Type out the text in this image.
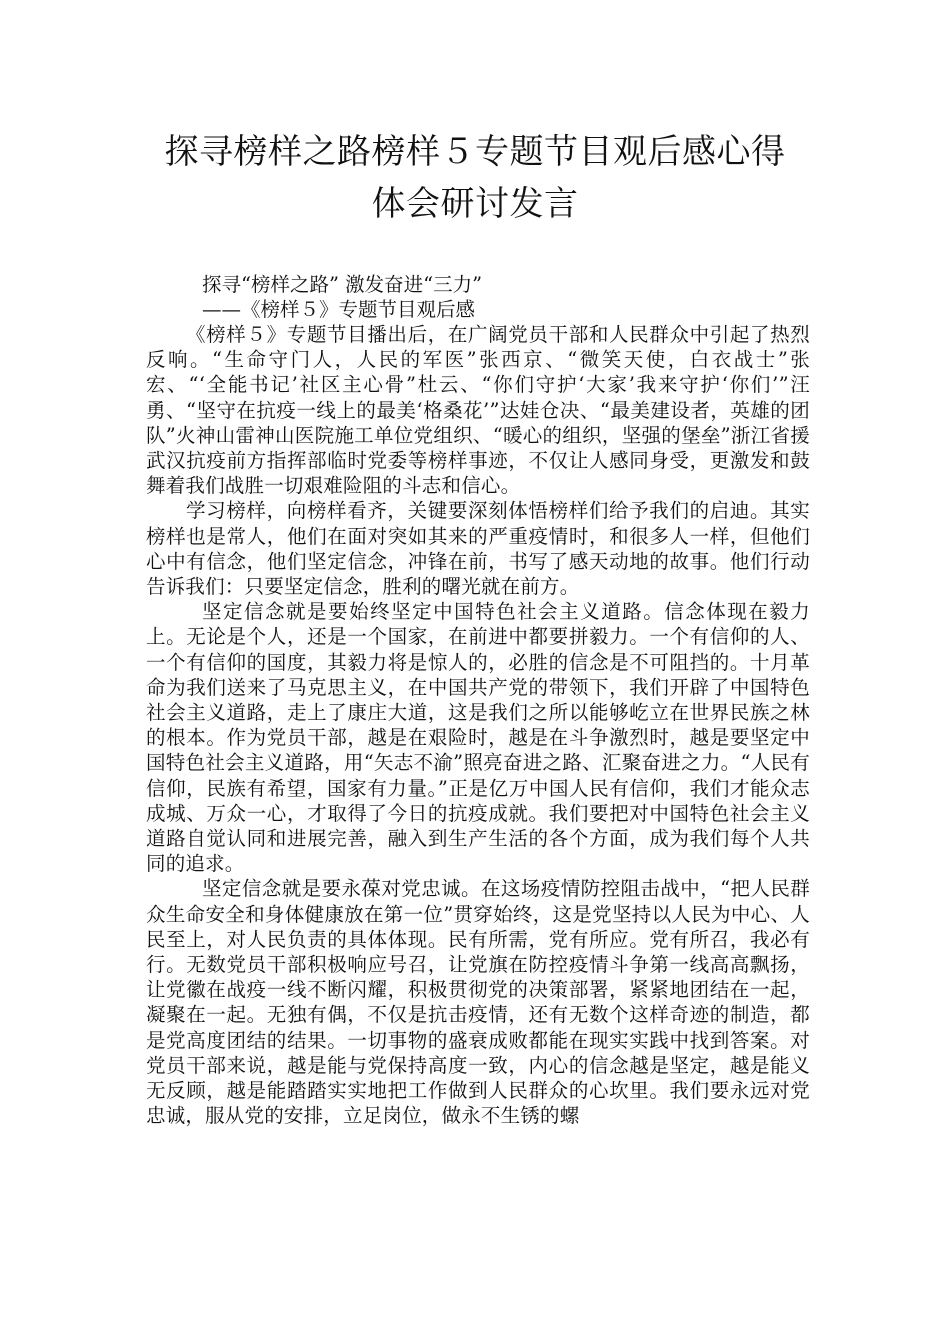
探寻榜样之路榜样５专题节目观后感心得
体会研讨发言

探寻“榜样之路” 激发奋进“三力”

——《榜样５》专题节目观后感

《榜样５》专题节目播出后，在广阔党员干部和人民群众中引起了热烈反响。“生命守门人，人民的军医”张西京、“微笑天使，白衣战士”张宏、“‘全能书记’社区主心骨”杜云、“你们守护‘大家’我来守护‘你们’”汪勇、“坚守在抗疫一线上的最美‘格桑花’”达娃仓决、“最美建设者，英雄的团队”火神山雷神山医院施工单位党组织、“暖心的组织，坚强的堡垒”浙江省援武汉抗疫前方指挥部临时党委等榜样事迹，不仅让人感同身受，更激发和鼓舞着我们战胜一切艰难险阻的斗志和信心。

学习榜样，向榜样看齐，关键要深刻体悟榜样们给予我们的启迪。其实榜样也是常人，他们在面对突如其来的严重疫情时，和很多人一样，但他们心中有信念，他们坚定信念，冲锋在前，书写了感天动地的故事。他们行动告诉我们：只要坚定信念，胜利的曙光就在前方。

坚定信念就是要始终坚定中国特色社会主义道路。信念体现在毅力上。无论是个人，还是一个国家，在前进中都要拼毅力。一个有信仰的人、一个有信仰的国度，其毅力将是惊人的，必胜的信念是不可阻挡的。十月革命为我们送来了马克思主义，在中国共产党的带领下，我们开辟了中国特色社会主义道路，走上了康庄大道，这是我们之所以能够屹立在世界民族之林的根本。作为党员干部，越是在艰险时，越是在斗争激烈时，越是要坚定中国特色社会主义道路，用“矢志不渝”照亮奋进之路、汇聚奋进之力。“人民有信仰，民族有希望，国家有力量。”正是亿万中国人民有信仰，我们才能众志成城、万众一心，才取得了今日的抗疫成就。我们要把对中国特色社会主义道路自觉认同和进展完善，融入到生产生活的各个方面，成为我们每个人共同的追求。

坚定信念就是要永葆对党忠诚。在这场疫情防控阻击战中，“把人民群众生命安全和身体健康放在第一位”贯穿始终，这是党坚持以人民为中心、人民至上，对人民负责的具体体现。民有所需，党有所应。党有所召，我必有行。无数党员干部积极响应号召，让党旗在防控疫情斗争第一线高高飘扬，让党徽在战疫一线不断闪耀，积极贯彻党的决策部署，紧紧地团结在一起，凝聚在一起。无独有偶，不仅是抗击疫情，还有无数个这样奇迹的制造，都是党高度团结的结果。一切事物的盛衰成败都能在现实实践中找到答案。对党员干部来说，越是能与党保持高度一致，内心的信念越是坚定，越是能义无反顾，越是能踏踏实实地把工作做到人民群众的心坎里。我们要永远对党忠诚，服从党的安排，立足岗位，做永不生锈的螺
